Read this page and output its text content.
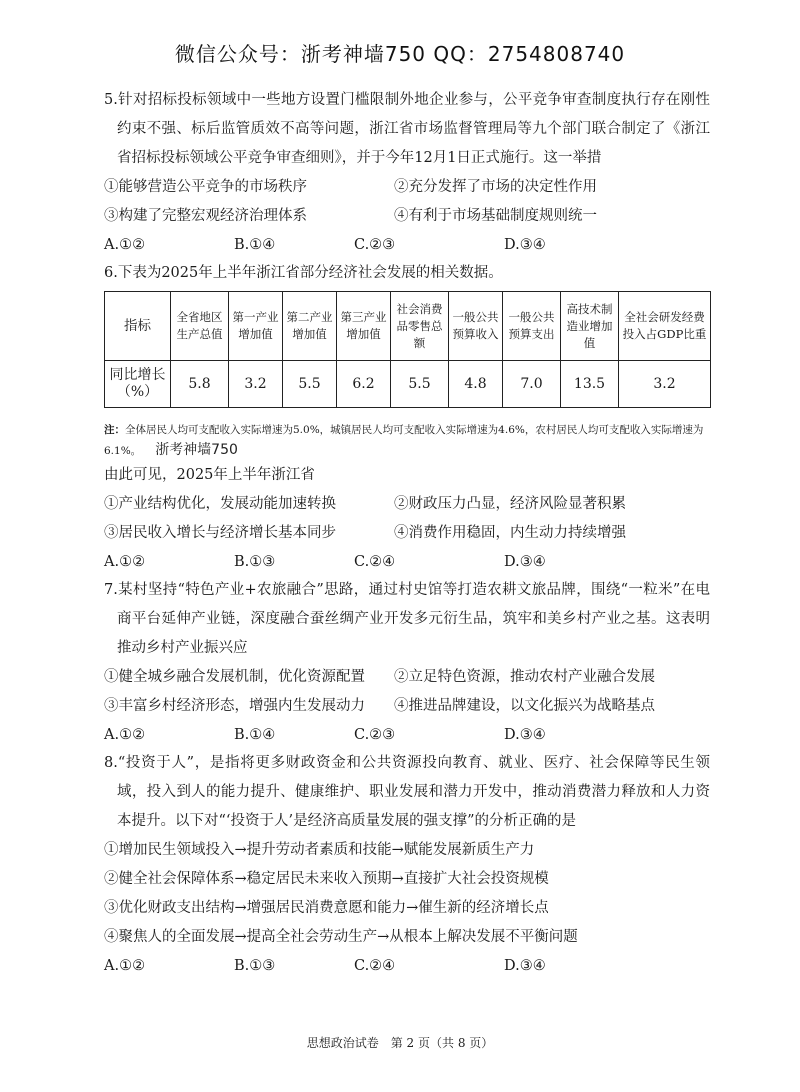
微信公众号：浙考神墙750 QQ：2754808740

5.针对招标投标领域中一些地方设置门槛限制外地企业参与，公平竞争审查制度执行存在刚性约束不强、标后监管质效不高等问题，浙江省市场监督管理局等九个部门联合制定了《浙江省招标投标领域公平竞争审查细则》，并于今年12月1日正式施行。这一举措

①能够营造公平竞争的市场秩序	②充分发挥了市场的决定性作用
③构建了完整宏观经济治理体系	④有利于市场基础制度规则统一
A.①②	B.①④	C.②③	D.③④

6.下表为2025年上半年浙江省部分经济社会发展的相关数据。

指标	全省地区生产总值	第一产业增加值	第二产业增加值	第三产业增加值	社会消费品零售总额	一般公共预算收入	一般公共预算支出	高技术制造业增加值	全社会研发经费投入占GDP比重
同比增长（%）	5.8	3.2	5.5	6.2	5.5	4.8	7.0	13.5	3.2
注：全体居民人均可支配收入实际增速为5.0%，城镇居民人均可支配收入实际增速为4.6%，农村居民人均可支配收入实际增速为6.1%。 浙考神墙750

由此可见，2025年上半年浙江省

①产业结构优化，发展动能加速转换	②财政压力凸显，经济风险显著积累
③居民收入增长与经济增长基本同步	④消费作用稳固，内生动力持续增强
A.①②	B.①③	C.②④	D.③④

7.某村坚持“特色产业+农旅融合”思路，通过村史馆等打造农耕文旅品牌，围绕“一粒米”在电商平台延伸产业链，深度融合蚕丝绸产业开发多元衍生品，筑牢和美乡村产业之基。这表明推动乡村产业振兴应

①健全城乡融合发展机制，优化资源配置	②立足特色资源，推动农村产业融合发展
③丰富乡村经济形态，增强内生发展动力	④推进品牌建设，以文化振兴为战略基点
A.①②	B.①④	C.②③	D.③④

8.“投资于人”，是指将更多财政资金和公共资源投向教育、就业、医疗、社会保障等民生领域，投入到人的能力提升、健康维护、职业发展和潜力开发中，推动消费潜力释放和人力资本提升。以下对“‘投资于人’是经济高质量发展的强支撑”的分析正确的是

①增加民生领域投入→提升劳动者素质和技能→赋能发展新质生产力

②健全社会保障体系→稳定居民未来收入预期→直接扩大社会投资规模

③优化财政支出结构→增强居民消费意愿和能力→催生新的经济增长点

④聚焦人的全面发展→提高全社会劳动生产→从根本上解决发展不平衡问题

A.①②	B.①③	C.②④	D.③④
思想政治试卷　第 2 页（共 8 页）
